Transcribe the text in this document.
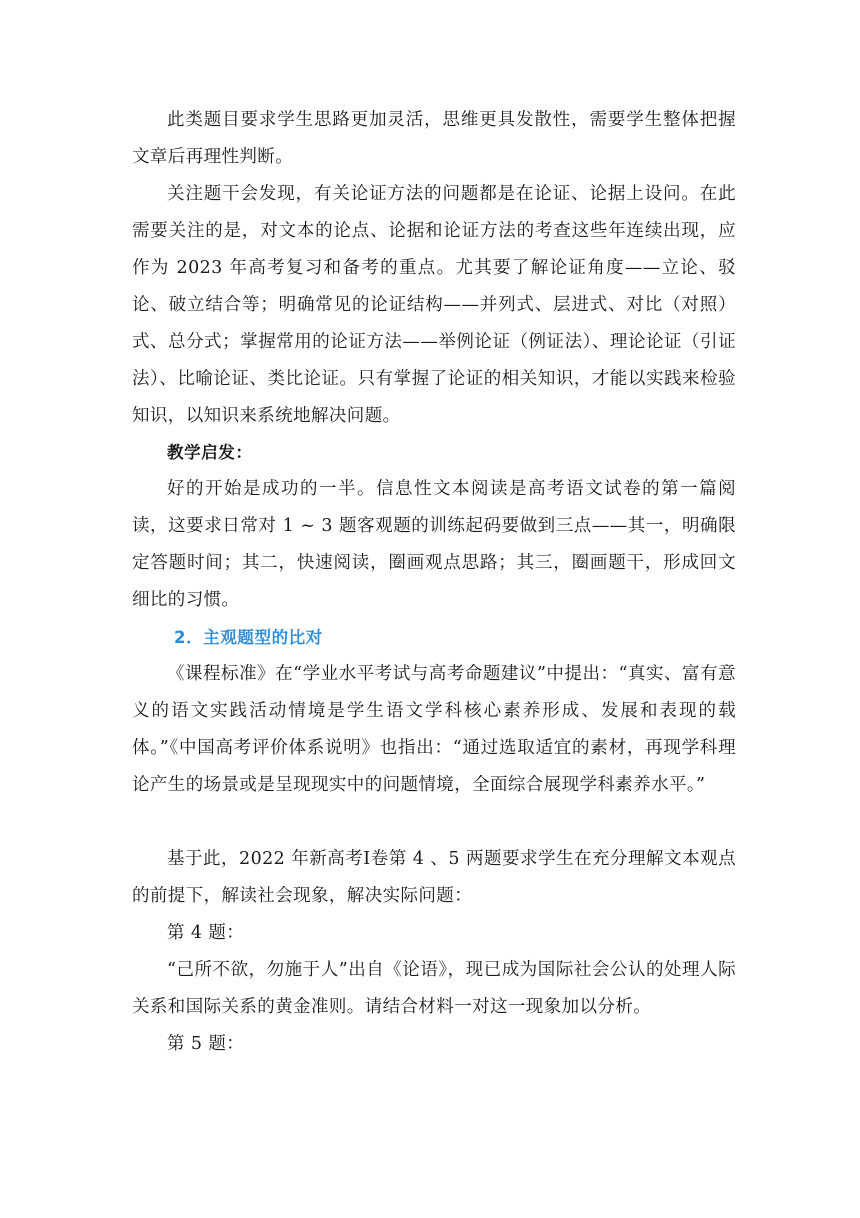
此类题目要求学生思路更加灵活，思维更具发散性，需要学生整体把握文章后再理性判断。

关注题干会发现，有关论证方法的问题都是在论证、论据上设问。在此需要关注的是，对文本的论点、论据和论证方法的考查这些年连续出现，应作为 2023 年高考复习和备考的重点。尤其要了解论证角度——立论、驳论、破立结合等；明确常见的论证结构——并列式、层进式、对比（对照）式、总分式；掌握常用的论证方法——举例论证（例证法）、理论论证（引证法）、比喻论证、类比论证。只有掌握了论证的相关知识，才能以实践来检验知识，以知识来系统地解决问题。

教学启发：

好的开始是成功的一半。信息性文本阅读是高考语文试卷的第一篇阅读，这要求日常对 1 ~ 3 题客观题的训练起码要做到三点——其一，明确限定答题时间；其二，快速阅读，圈画观点思路；其三，圈画题干，形成回文细比的习惯。

2．主观题型的比对

《课程标准》在“学业水平考试与高考命题建议”中提出：“真实、富有意义的语文实践活动情境是学生语文学科核心素养形成、发展和表现的载体。”《中国高考评价体系说明》也指出：“通过选取适宜的素材，再现学科理论产生的场景或是呈现现实中的问题情境，全面综合展现学科素养水平。”

基于此，2022 年新高考Ⅰ卷第 4 、5 两题要求学生在充分理解文本观点的前提下，解读社会现象，解决实际问题：

第 4 题：

“己所不欲，勿施于人”出自《论语》，现已成为国际社会公认的处理人际关系和国际关系的黄金准则。请结合材料一对这一现象加以分析。

第 5 题：
